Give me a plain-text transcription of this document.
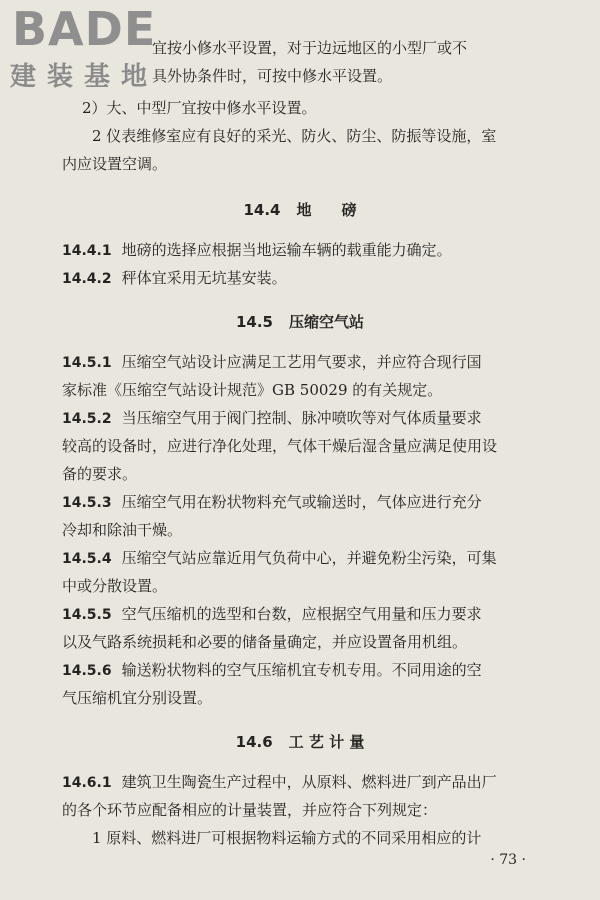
BADE
建装基地
宜按小修水平设置，对于边远地区的小型厂或不
具外协条件时，可按中修水平设置。
2）大、中型厂宜按中修水平设置。
2 仪表维修室应有良好的采光、防火、防尘、防振等设施，室
内应设置空调。
14.4 地　　磅
14.4.1 地磅的选择应根据当地运输车辆的载重能力确定。
14.4.2 秤体宜采用无坑基安装。
14.5 压缩空气站
14.5.1 压缩空气站设计应满足工艺用气要求，并应符合现行国
家标准《压缩空气站设计规范》GB 50029 的有关规定。
14.5.2 当压缩空气用于阀门控制、脉冲喷吹等对气体质量要求
较高的设备时，应进行净化处理，气体干燥后湿含量应满足使用设
备的要求。
14.5.3 压缩空气用在粉状物料充气或输送时，气体应进行充分
冷却和除油干燥。
14.5.4 压缩空气站应靠近用气负荷中心，并避免粉尘污染，可集
中或分散设置。
14.5.5 空气压缩机的选型和台数，应根据空气用量和压力要求
以及气路系统损耗和必要的储备量确定，并应设置备用机组。
14.5.6 输送粉状物料的空气压缩机宜专机专用。不同用途的空
气压缩机宜分别设置。
14.6 工 艺 计 量
14.6.1 建筑卫生陶瓷生产过程中，从原料、燃料进厂到产品出厂
的各个环节应配备相应的计量装置，并应符合下列规定：
1 原料、燃料进厂可根据物料运输方式的不同采用相应的计
· 73 ·
